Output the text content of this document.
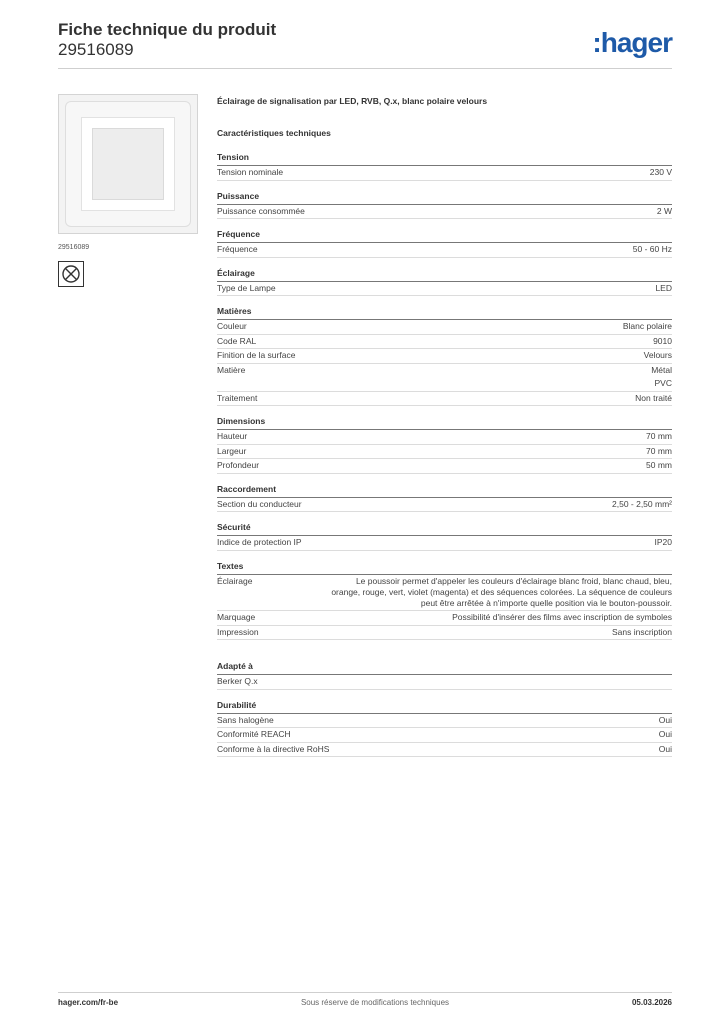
Fiche technique du produit
29516089	:hager
29516089
Éclairage de signalisation par LED, RVB, Q.x, blanc polaire velours
Caractéristiques techniques
Tension
Tension nominale	230 V
Puissance
Puissance consommée	2 W
Fréquence
Fréquence	50 - 60 Hz
Éclairage
Type de Lampe	LED
Matières
Couleur	Blanc polaire
Code RAL	9010
Finition de la surface	Velours
Matière	Métal
PVC
Traitement	Non traité
Dimensions
Hauteur	70 mm
Largeur	70 mm
Profondeur	50 mm
Raccordement
Section du conducteur	2,50 - 2,50 mm²
Sécurité
Indice de protection IP	IP20
Textes
Éclairage	Le poussoir permet d'appeler les couleurs d'éclairage blanc froid, blanc chaud, bleu, orange, rouge, vert, violet (magenta) et des séquences colorées. La séquence de couleurs peut être arrêtée à n'importe quelle position via le bouton-poussoir.
Marquage	Possibilité d'insérer des films avec inscription de symboles
Impression	Sans inscription
Adapté à
Berker Q.x
Durabilité
Sans halogène	Oui
Conformité REACH	Oui
Conforme à la directive RoHS	Oui
hager.com/fr-be	Sous réserve de modifications techniques	05.03.2026
